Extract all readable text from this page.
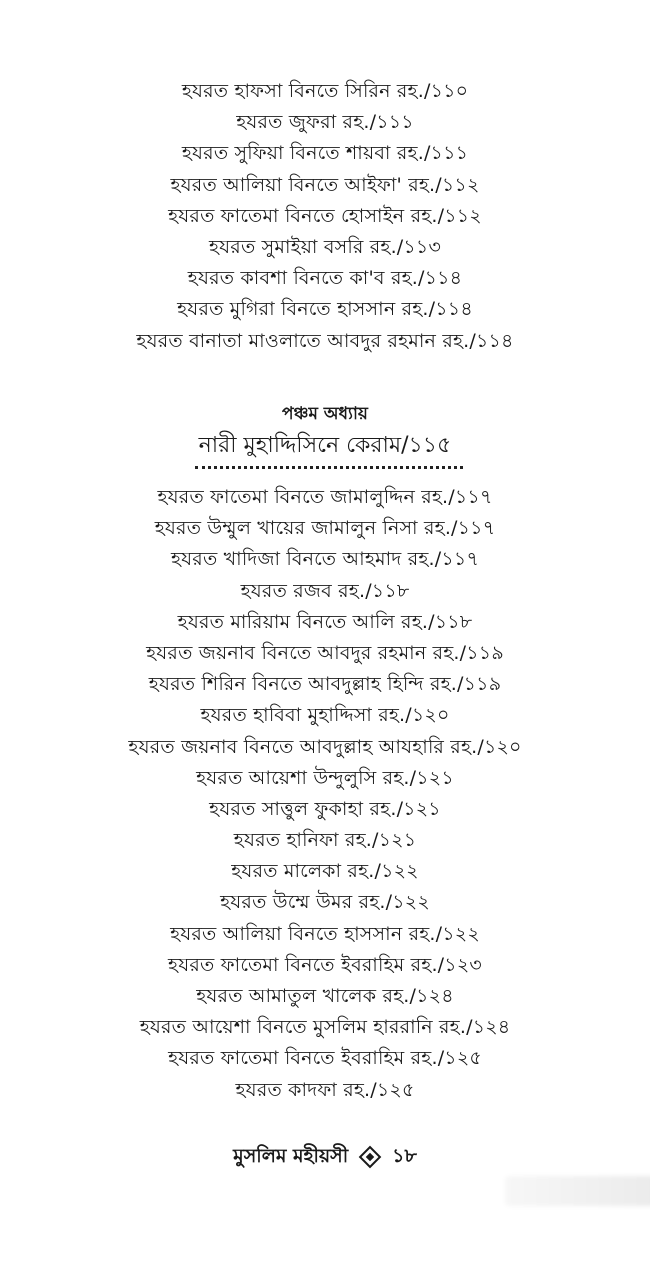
হযরত হাফসা বিনতে সিরিন রহ./১১০
হযরত জুফরা রহ./১১১
হযরত সুফিয়া বিনতে শায়বা রহ./১১১
হযরত আলিয়া বিনতে আইফা' রহ./১১২
হযরত ফাতেমা বিনতে হোসাইন রহ./১১২
হযরত সুমাইয়া বসরি রহ./১১৩
হযরত কাবশা বিনতে কা'ব রহ./১১৪
হযরত মুগিরা বিনতে হাসসান রহ./১১৪
হযরত বানাতা মাওলাতে আবদুর রহমান রহ./১১৪
পঞ্চম অধ্যায়
নারী মুহাদ্দিসিনে কেরাম/১১৫
হযরত ফাতেমা বিনতে জামালুদ্দিন রহ./১১৭
হযরত উম্মুল খায়ের জামালুন নিসা রহ./১১৭
হযরত খাদিজা বিনতে আহমাদ রহ./১১৭
হযরত রজব রহ./১১৮
হযরত মারিয়াম বিনতে আলি রহ./১১৮
হযরত জয়নাব বিনতে আবদুর রহমান রহ./১১৯
হযরত শিরিন বিনতে আবদুল্লাহ হিন্দি রহ./১১৯
হযরত হাবিবা মুহাদ্দিসা রহ./১২০
হযরত জয়নাব বিনতে আবদুল্লাহ আযহারি রহ./১২০
হযরত আয়েশা উন্দুলুসি রহ./১২১
হযরত সাত্তুল ফুকাহা রহ./১২১
হযরত হানিফা রহ./১২১
হযরত মালেকা রহ./১২২
হযরত উম্মে উমর রহ./১২২
হযরত আলিয়া বিনতে হাসসান রহ./১২২
হযরত ফাতেমা বিনতে ইবরাহিম রহ./১২৩
হযরত আমাতুল খালেক রহ./১২৪
হযরত আয়েশা বিনতে মুসলিম হাররানি রহ./১২৪
হযরত ফাতেমা বিনতে ইবরাহিম রহ./১২৫
হযরত কাদফা রহ./১২৫
মুসলিম মহীয়সী ১৮
